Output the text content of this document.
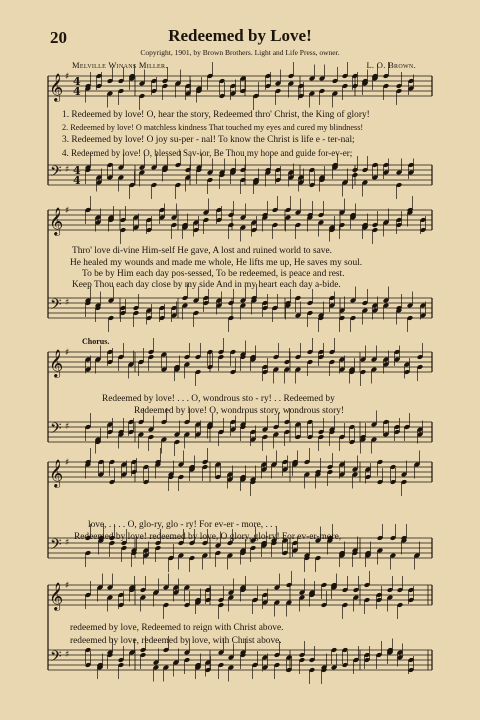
20	Redeemed by Love!
Copyright, 1901, by Brown Brothers. Light and Life Press, owner.
Melville Winans Miller.	L. O. Brown.
𝄞
𝄢
♯
♯
4
4
4
4
𝄞
𝄢
♯
♯
𝄞
𝄢
♯
♯
𝄞
𝄢
♯
♯
𝄞
𝄢
♯
♯
1. Redeemed by love! O, hear the story, Redeemed thro' Christ, the King of glory!
2. Redeemed by love! O matchless kindness That touched my eyes and cured my blindness!
3. Redeemed by love! O joy su-per - nal! To know the Christ is life e - ter-nal;
4. Redeemed by love! O, blessed Sav-ior, Be Thou my hope and guide for-ev-er;
Thro' love di-vine Him-self He gave, A lost and ruined world to save.
He healed my wounds and made me whole, He lifts me up, He saves my soul.
To be by Him each day pos-sessed, To be redeemed, is peace and rest.
Keep Thou each day close by my side And in my heart each day a-bide.
Chorus.
Redeemed by love! . . . O, wondrous sto - ry! . . Redeemed by
Redeemed by love! O, wondrous story, wondrous story!
love, . . . . O, glo-ry, glo - ry! For ev-er - more, . . .
Redeemed by love! redeemed by love, O glory, glo-ry! For ev-er-more,
redeemed by love, Redeemed to reign with Christ above.
redeemed by love, redeemed by love, with Christ above.
